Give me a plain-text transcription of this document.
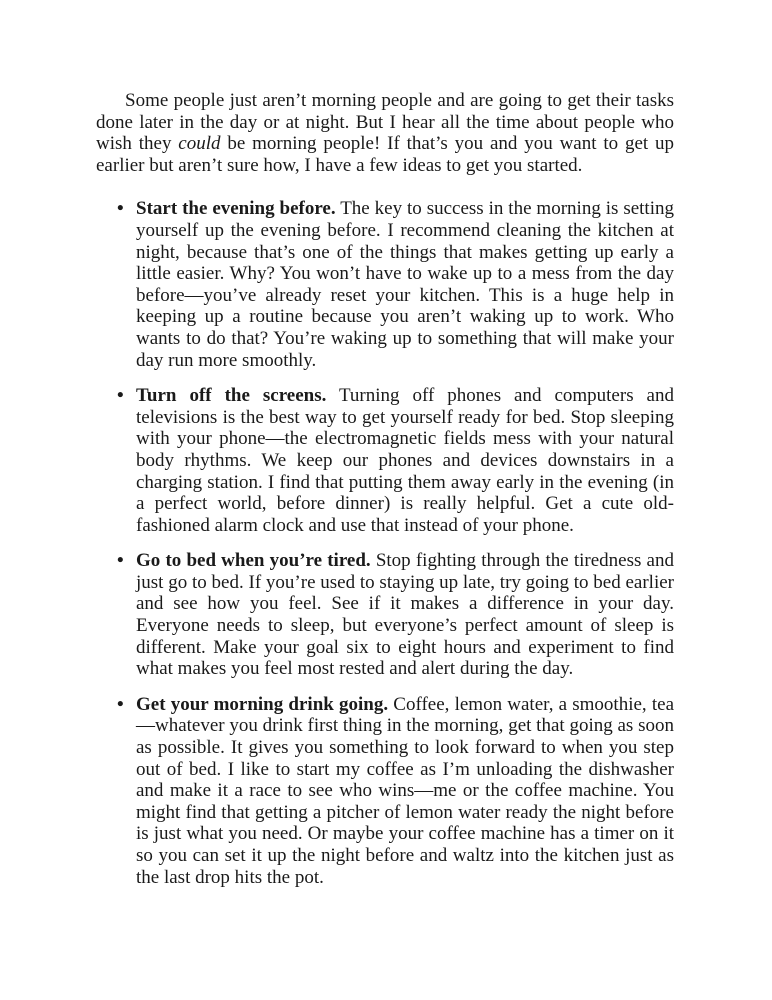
Some people just aren’t morning people and are going to get their tasks done later in the day or at night. But I hear all the time about people who wish they could be morning people! If that’s you and you want to get up earlier but aren’t sure how, I have a few ideas to get you started.

• Start the evening before. The key to success in the morning is setting yourself up the evening before. I recommend cleaning the kitchen at night, because that’s one of the things that makes getting up early a little easier. Why? You won’t have to wake up to a mess from the day before—you’ve already reset your kitchen. This is a huge help in keeping up a routine because you aren’t waking up to work. Who wants to do that? You’re waking up to something that will make your day run more smoothly.

• Turn off the screens. Turning off phones and computers and televisions is the best way to get yourself ready for bed. Stop sleeping with your phone—the electromagnetic fields mess with your natural body rhythms. We keep our phones and devices downstairs in a charging station. I find that putting them away early in the evening (in a perfect world, before dinner) is really helpful. Get a cute old-fashioned alarm clock and use that instead of your phone.

• Go to bed when you’re tired. Stop fighting through the tiredness and just go to bed. If you’re used to staying up late, try going to bed earlier and see how you feel. See if it makes a difference in your day. Everyone needs to sleep, but everyone’s perfect amount of sleep is different. Make your goal six to eight hours and experiment to find what makes you feel most rested and alert during the day.

• Get your morning drink going. Coffee, lemon water, a smoothie, tea—whatever you drink first thing in the morning, get that going as soon as possible. It gives you something to look forward to when you step out of bed. I like to start my coffee as I’m unloading the dishwasher and make it a race to see who wins—me or the coffee machine. You might find that getting a pitcher of lemon water ready the night before is just what you need. Or maybe your coffee machine has a timer on it so you can set it up the night before and waltz into the kitchen just as the last drop hits the pot.
